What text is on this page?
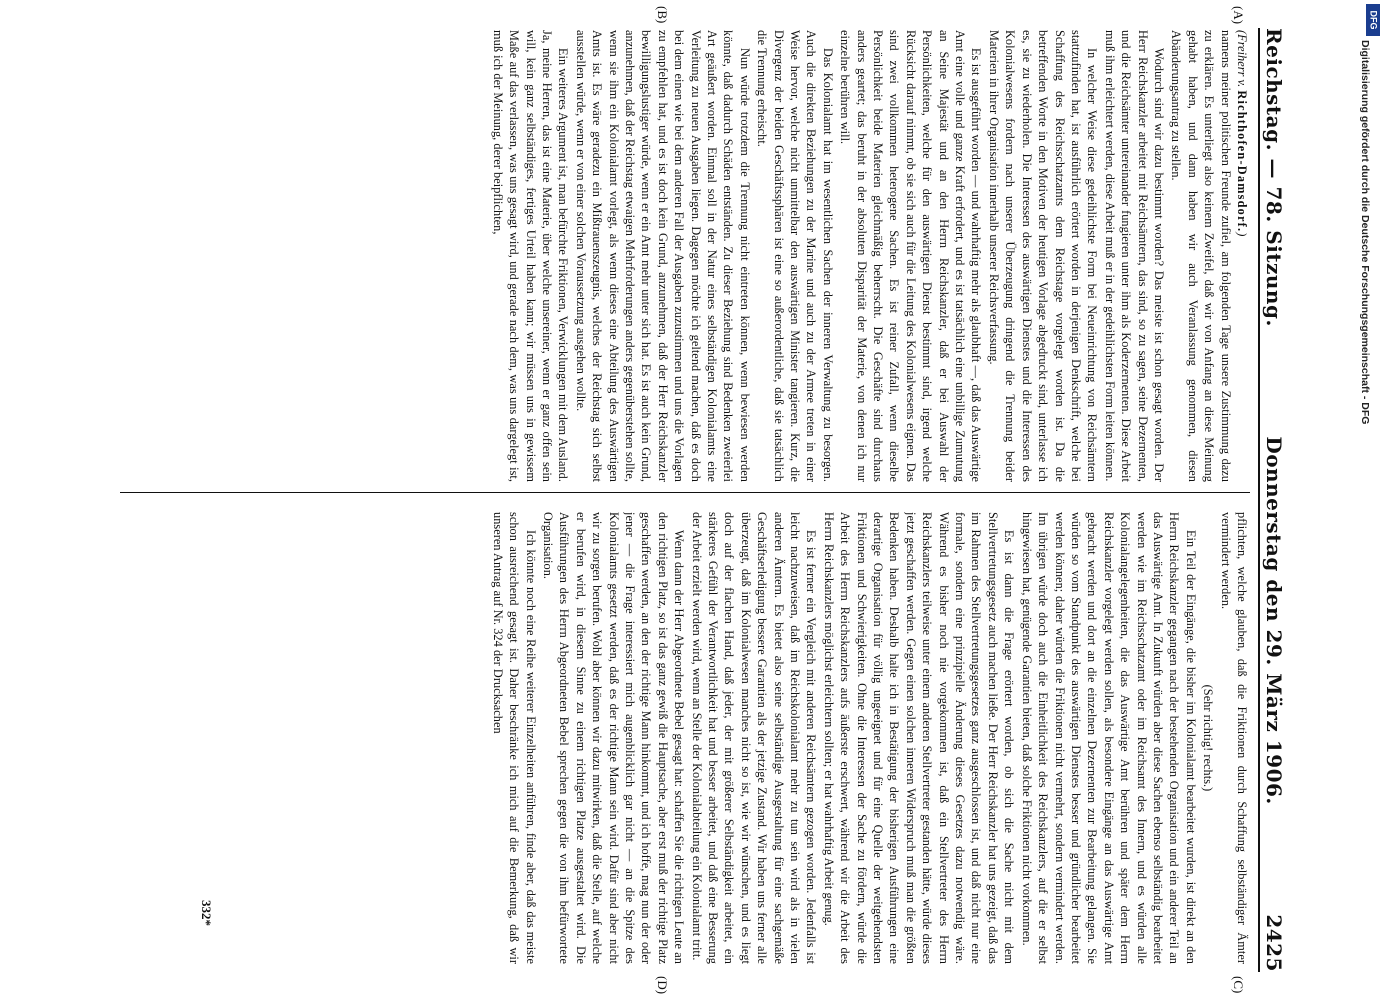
Reichstag. — 78. Sitzung.
Donnerstag den 29. März 1906.
2425
(A)
(B)
(C)
(D)

(Freiherr v. Richthofen-Damsdorf.)

namens meiner politischen Freunde zufiel, am folgenden Tage unsere Zustimmung dazu zu erklären. Es unterliegt also keinem Zweifel, daß wir von Anfang an diese Meinung gehabt haben, und dann haben wir auch Veranlassung genommen, diesen Abänderungsantrag zu stellen.

Wodurch sind wir dazu bestimmt worden? Das meiste ist schon gesagt worden. Der Herr Reichskanzler arbeitet mit Reichsämtern, das sind, so zu sagen, seine Dezernenten, und die Reichsämter untereinander fungieren unter ihm als Koderzernenten. Diese Arbeit muß ihm erleichtert werden, diese Arbeit muß er in der gedeihlichsten Form leiten können.

In welcher Weise diese gedeihlichste Form bei Neueinrichtung von Reichsämtern stattzufinden hat, ist ausführlich erörtert worden in derjenigen Denkschrift, welche bei Schaffung des Reichsschatzamts dem Reichstage vorgelegt worden ist. Da die betreffenden Worte in den Motiven der heutigen Vorlage abgedruckt sind, unterlasse ich es, sie zu wiederholen. Die Interessen des auswärtigen Dienstes und die Interessen des Kolonialwesens fordern nach unserer Überzeugung dringend die Trennung beider Materien in ihrer Organisation innerhalb unserer Reichsverfassung.

Es ist ausgeführt worden — und wahrhaftig mehr als glaubhaft —, daß das Auswärtige Amt eine volle und ganze Kraft erfordert, und es ist tatsächlich eine unbillige Zumutung an Seine Majestät und an den Herrn Reichskanzler, daß er bei Auswahl der Persönlichkeiten, welche für den auswärtigen Dienst bestimmt sind, irgend welche Rücksicht darauf nimmt, ob sie sich auch für die Leitung des Kolonialwesens eignen. Das sind zwei vollkommen heterogene Sachen. Es ist reiner Zufall, wenn dieselbe Persönlichkeit beide Materien gleichmäßig beherrscht. Die Geschäfte sind durchaus anders geartet; das beruht in der absoluten Disparität der Materie, von denen ich nur einzelne berühren will.

Das Kolonialamt hat im wesentlichen Sachen der inneren Verwaltung zu besorgen. Auch die direkten Beziehungen zu der Marine und auch zu der Armee treten in einer Weise hervor, welche nicht unmittelbar den auswärtigen Minister tangieren. Kurz, die Divergenz der beiden Geschäftssphären ist eine so außerordentliche, daß sie tatsächlich die Trennung erheischt.

Nun würde trotzdem die Trennung nicht eintreten können, wenn bewiesen werden könnte, daß dadurch Schäden entständen. Zu dieser Beziehung sind Bedenken zweierlei Art geäußert worden. Einmal soll in der Natur eines selbständigen Kolonialamts eine Verleitung zu neuen Ausgaben liegen. Dagegen möchte ich geltend machen, daß es doch bei dem einen wie bei dem anderen Fall der Ausgaben zuzustimmen und uns die Vorlagen zu empfehlen hat, und es ist doch kein Grund, anzunehmen, daß der Herr Reichskanzler bewilligungslustiger würde, wenn er ein Amt mehr unter sich hat. Es ist auch kein Grund, anzunehmen, daß der Reichstag etwaigen Mehrforderungen anders gegenüberstehen sollte, wenn sie ihm ein Kolonialamt vorlegt, als wenn dieses eine Abteilung des Auswärtigen Amts ist. Es wäre geradezu ein Mißtrauenszeugnis, welches der Reichstag sich selbst ausstellen würde, wenn er von einer solchen Voraussetzung ausgehen wollte.

Ein weiteres Argument ist, man befürchte Friktionen, Verwicklungen mit dem Ausland. Ja, meine Herren, das ist eine Materie, über welche unsereiner, wenn er ganz offen sein will, kein ganz selbständiges, fertiges Urteil haben kann; wir müssen uns in gewissem Maße auf das verlassen, was uns gesagt wird, und gerade nach dem, was uns dargelegt ist, muß ich der Meinung, derer beipflichten,

pflichten, welche glauben, daß die Friktionen durch Schaffung selbständiger Ämter vermindert werden.

(Sehr richtig! rechts.)

Ein Teil der Eingänge, die bisher im Kolonialamt bearbeitet wurden, ist direkt an den Herrn Reichskanzler gegangen nach der bestehenden Organisation und ein anderer Teil an das Auswärtige Amt. In Zukunft würden aber diese Sachen ebenso selbständig bearbeitet werden wie im Reichsschatzamt oder im Reichsamt des Innern, und es würden alle Kolonialangelegenheiten, die das Auswärtige Amt berühren und später dem Herrn Reichskanzler vorgelegt werden sollen, als besondere Eingänge an das Auswärtige Amt gebracht werden und dort an die einzelnen Dezernenten zur Bearbeitung gelangen. Sie würden so vom Standpunkt des auswärtigen Dienstes besser und gründlicher bearbeitet werden können; daher würden die Friktionen nicht vermehrt, sondern vermindert werden. Im übrigen würde doch auch die Einheitlichkeit des Reichskanzlers, auf die er selbst hingewiesen hat, genügende Garantien bieten, daß solche Friktionen nicht vorkommen.

Es ist dann die Frage erörtert worden, ob sich die Sache nicht mit dem Stellvertretungsgesetz auch machen ließe. Der Herr Reichskanzler hat uns gezeigt, daß das im Rahmen des Stellvertretungsgesetzes ganz ausgeschlossen ist, und daß nicht nur eine formale, sondern eine prinzipielle Änderung dieses Gesetzes dazu notwendig wäre. Während es bisher noch nie vorgekommen ist, daß ein Stellvertreter des Herrn Reichskanzlers teilweise unter einem anderen Stellvertreter gestanden hätte, würde dieses jetzt geschaffen werden. Gegen einen solchen inneren Widerspruch muß man die größten Bedenken haben. Deshalb halte ich in Bestätigung der bisherigen Ausführungen eine derartige Organisation für völlig ungeeignet und für eine Quelle der weitgehendsten Friktionen und Schwierigkeiten. Ohne die Interessen der Sache zu fördern, würde die Arbeit des Herrn Reichskanzlers aufs äußerste erschwert, während wir die Arbeit des Herrn Reichskanzlers möglichst erleichtern sollten; er hat wahrhaftig Arbeit genug.

Es ist ferner ein Vergleich mit anderen Reichsämtern gezogen worden. Jedenfalls ist leicht nachzuweisen, daß im Reichskolonialamt mehr zu tun sein wird als in vielen anderen Ämtern. Es bietet also seine selbständige Ausgestaltung für eine sachgemäße Geschäftserledigung bessere Garantien als der jetzige Zustand. Wir haben uns ferner alle überzeugt, daß im Kolonialwesen manches nicht so ist, wie wir wünschen, und es liegt doch auf der flachen Hand, daß jeder, der mit größerer Selbständigkeit arbeitet, ein stärkeres Gefühl der Verantwortlichkeit hat und besser arbeitet, und daß eine Besserung der Arbeit erzielt werden wird, wenn an Stelle der Kolonialabteilung ein Kolonialamt tritt.

Wenn dann der Herr Abgeordnete Bebel gesagt hat: schaffen Sie die richtigen Leute an den richtigen Platz, so ist das ganz gewiß die Hauptsache, aber erst muß der richtige Platz geschaffen werden, an den der richtige Mann hinkommt, und ich hoffe, mag nun der oder jener — die Frage interessiert mich augenblicklich gar nicht — an die Spitze des Kolonialamts gesetzt werden, daß es der richtige Mann sein wird. Dafür sind aber nicht wir zu sorgen berufen. Wohl aber können wir dazu mitwirken, daß die Stelle, auf welche er berufen wird, in diesem Sinne zu einem richtigen Platze ausgestaltet wird. Die Ausführungen des Herrn Abgeordneten Bebel sprechen gegen die von ihm befürwortete Organisation.

Ich könnte noch eine Reihe weiterer Einzelheiten anführen, finde aber, daß das meiste schon ausreichend gesagt ist. Daher beschränke ich mich auf die Bemerkung, daß wir unseren Antrag auf Nr. 324 der Drucksachen

332*
Digitalisierung gefördert durch die Deutsche Forschungsgemeinschaft - DFG
DFG
